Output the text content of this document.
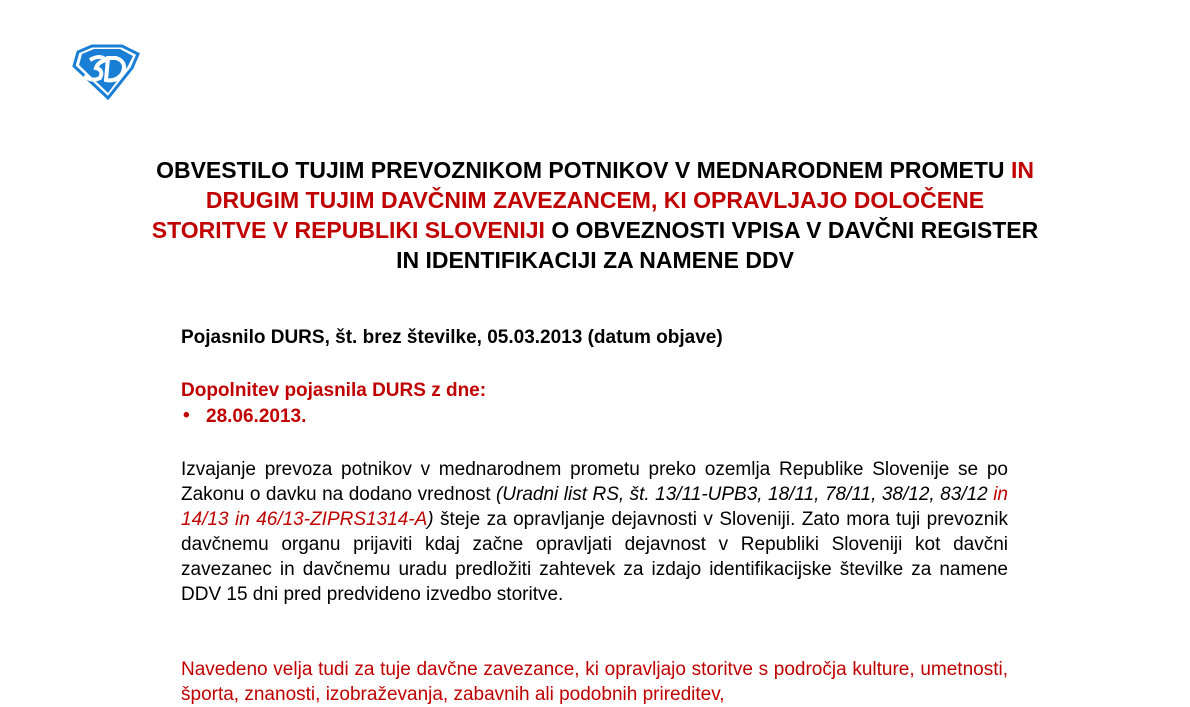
OBVESTILO TUJIM PREVOZNIKOM POTNIKOV V MEDNARODNEM PROMETU IN DRUGIM TUJIM DAVČNIM ZAVEZANCEM, KI OPRAVLJAJO DOLOČENE STORITVE V REPUBLIKI SLOVENIJI O OBVEZNOSTI VPISA V DAVČNI REGISTER IN IDENTIFIKACIJI ZA NAMENE DDV
Pojasnilo DURS, št. brez številke, 05.03.2013 (datum objave)
Dopolnitev pojasnila DURS z dne:
• 28.06.2013.

Izvajanje prevoza potnikov v mednarodnem prometu preko ozemlja Republike Slovenije se po Zakonu o davku na dodano vrednost (Uradni list RS, št. 13/11-UPB3, 18/11, 78/11, 38/12, 83/12 in 14/13 in 46/13-ZIPRS1314-A) šteje za opravljanje dejavnosti v Sloveniji. Zato mora tuji prevoznik davčnemu organu prijaviti kdaj začne opravljati dejavnost v Republiki Sloveniji kot davčni zavezanec in davčnemu uradu predložiti zahtevek za izdajo identifikacijske številke za namene DDV 15 dni pred predvideno izvedbo storitve.

Navedeno velja tudi za tuje davčne zavezance, ki opravljajo storitve s področja kulture, umetnosti, športa, znanosti, izobraževanja, zabavnih ali podobnih prireditev,
